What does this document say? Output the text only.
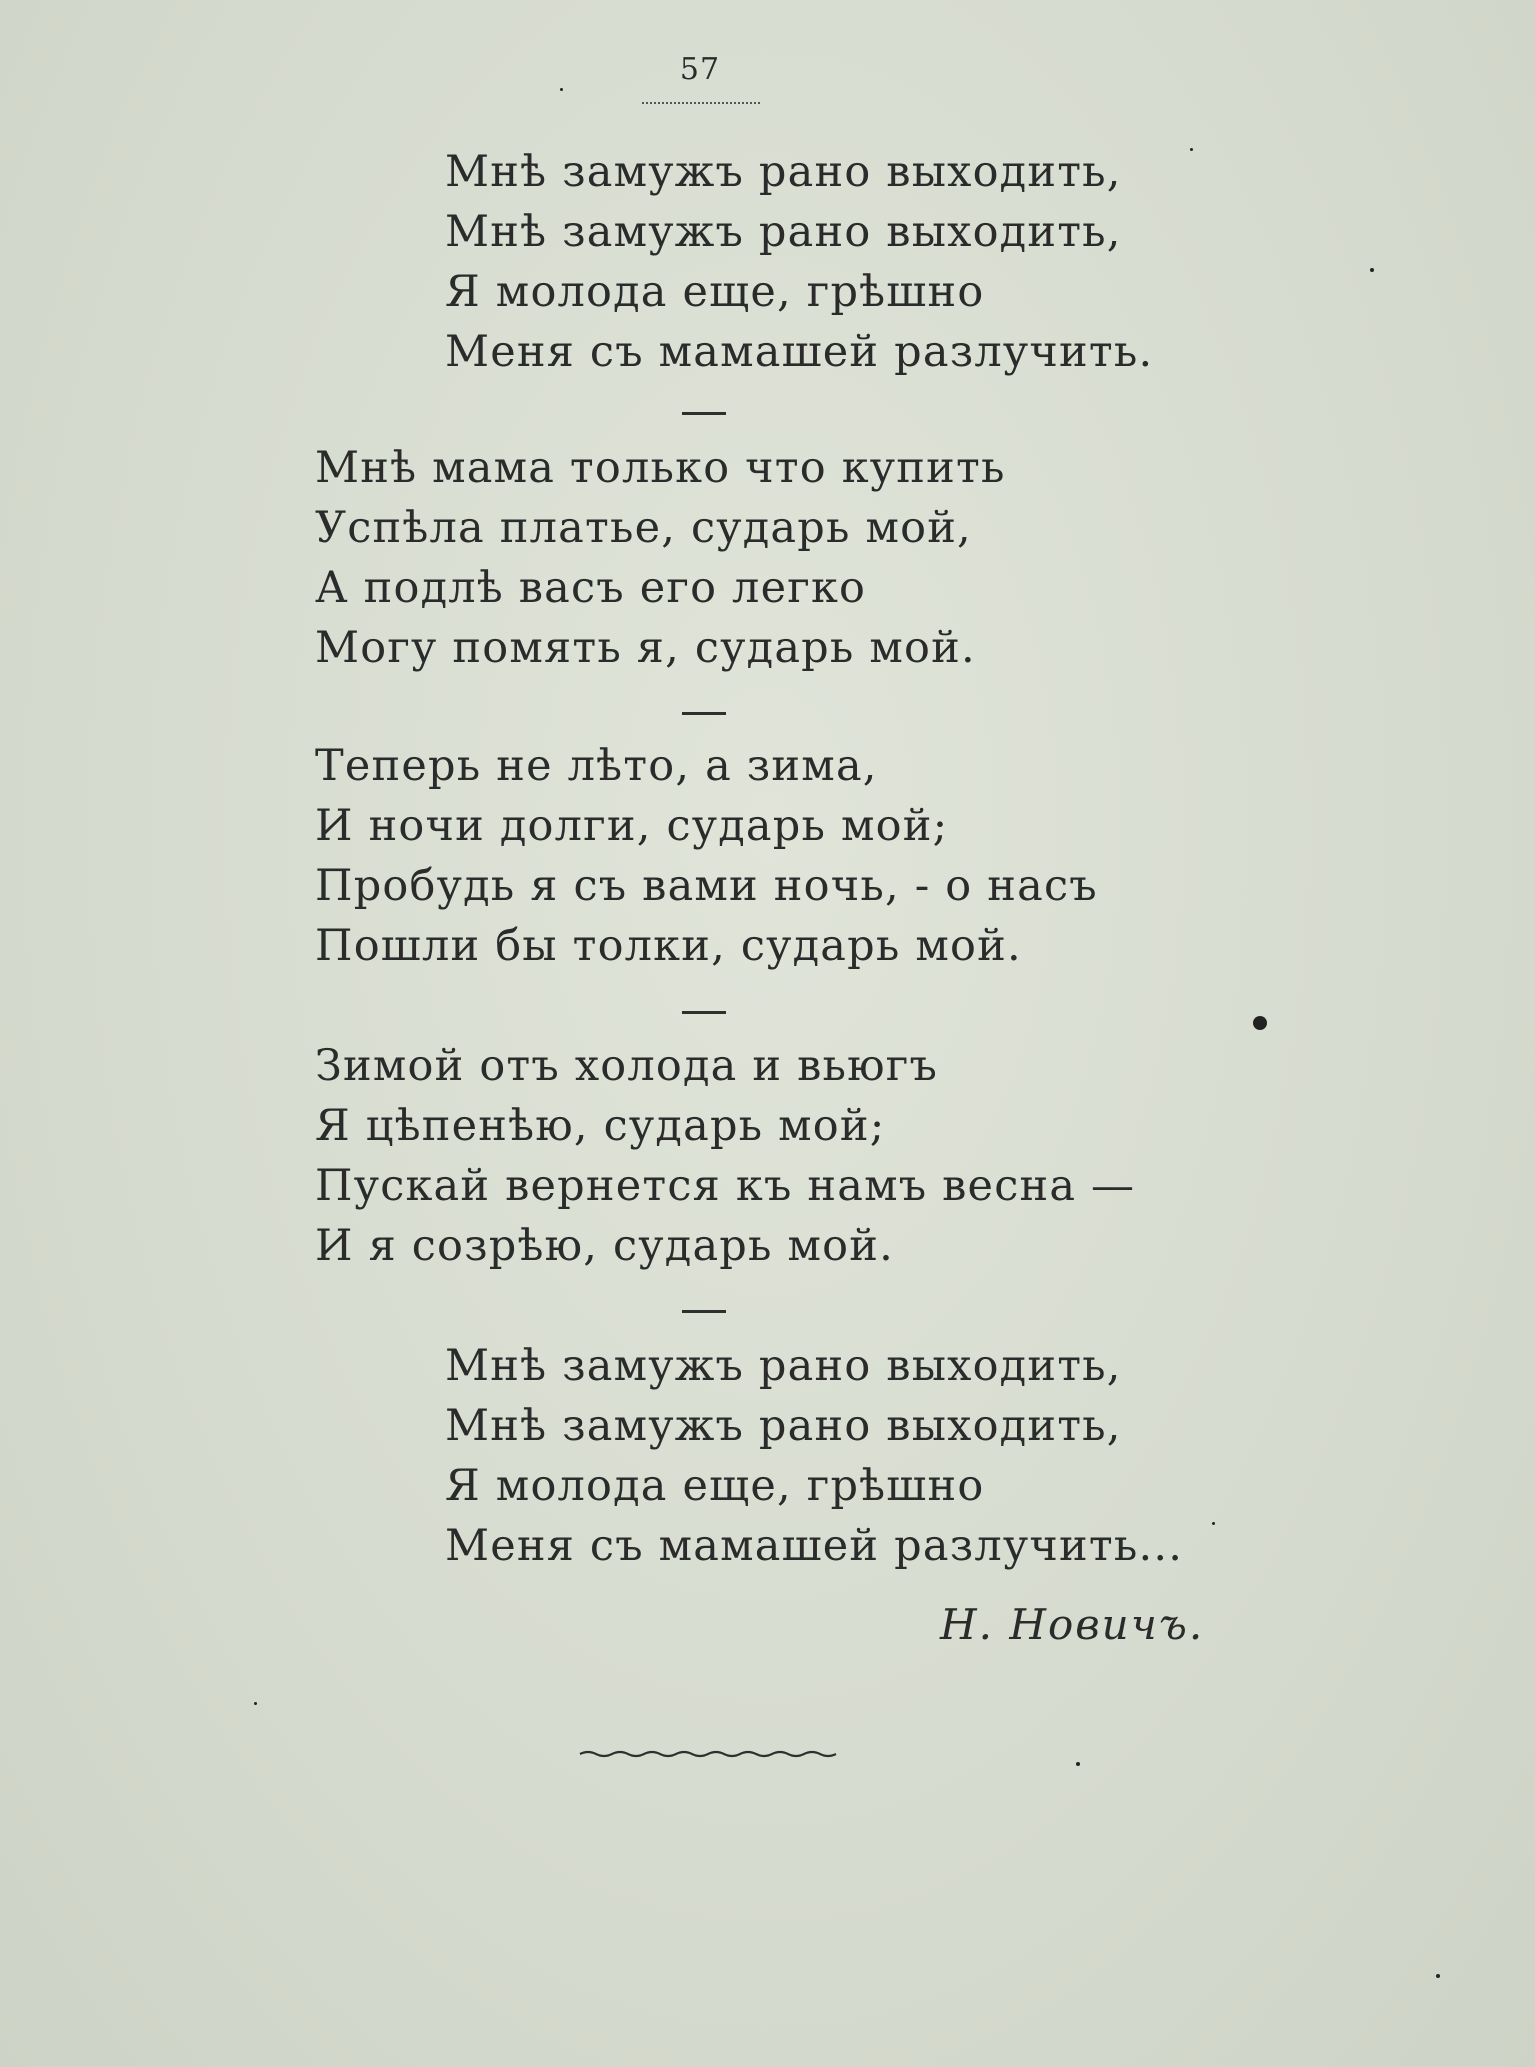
57
Мнѣ замужъ рано выходить,
Мнѣ замужъ рано выходить,
Я молода еще, грѣшно
Меня съ мамашей разлучить.
Мнѣ мама только что купить
Успѣла платье, сударь мой,
А подлѣ васъ его легко
Могу помять я, сударь мой.
Теперь не лѣто, а зима,
И ночи долги, сударь мой;
Пробудь я съ вами ночь, - о насъ
Пошли бы толки, сударь мой.
Зимой отъ холода и вьюгъ
Я цѣпенѣю, сударь мой;
Пускай вернется къ намъ весна —
И я созрѣю, сударь мой.
Мнѣ замужъ рано выходить,
Мнѣ замужъ рано выходить,
Я молода еще, грѣшно
Меня съ мамашей разлучить...
Н. Новичъ.
